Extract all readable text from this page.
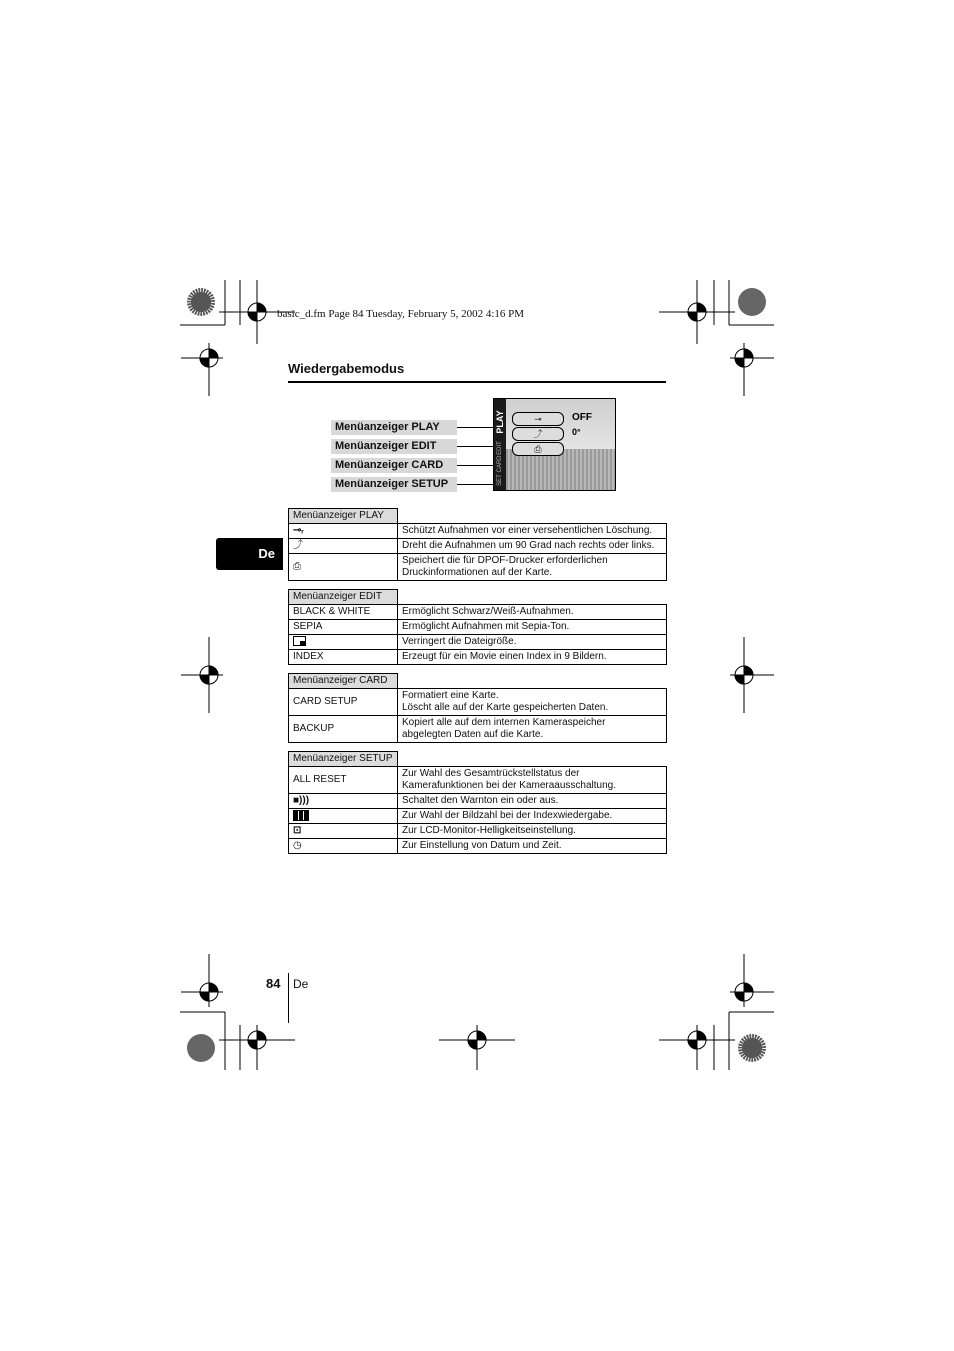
basic_d.fm Page 84 Tuesday, February 5, 2002 4:16 PM
Wiedergabemodus
Menüanzeiger PLAY
Menüanzeiger EDIT
Menüanzeiger CARD
Menüanzeiger SETUP
PLAY
EDIT
CARD
SET
⊸
⤴
⎙
OFF
0°
De
Menüanzeiger PLAY	
⊸ᵣ	Schützt Aufnahmen vor einer versehentlichen Löschung.
⤴	Dreht die Aufnahmen um 90 Grad nach rechts oder links.
⎙	Speichert die für DPOF-Drucker erforderlichen Druckinformationen auf der Karte.
Menüanzeiger EDIT	
BLACK & WHITE	Ermöglicht Schwarz/Weiß-Aufnahmen.
SEPIA	Ermöglicht Aufnahmen mit Sepia-Ton.

	Verringert die Dateigröße.
INDEX	Erzeugt für ein Movie einen Index in 9 Bildern.
Menüanzeiger CARD	
CARD SETUP	Formatiert eine Karte.
Löscht alle auf der Karte gespeicherten Daten.
BACKUP	Kopiert alle auf dem internen Kameraspeicher
abgelegten Daten auf die Karte.
Menüanzeiger SETUP	
ALL RESET	Zur Wahl des Gesamtrückstellstatus der
Kamerafunktionen bei der Kameraausschaltung.
■)))	Schaltet den Warnton ein oder aus.
	Zur Wahl der Bildzahl bei der Indexwiedergabe.
⊡	Zur LCD-Monitor-Helligkeitseinstellung.
◷	Zur Einstellung von Datum und Zeit.
84 De
